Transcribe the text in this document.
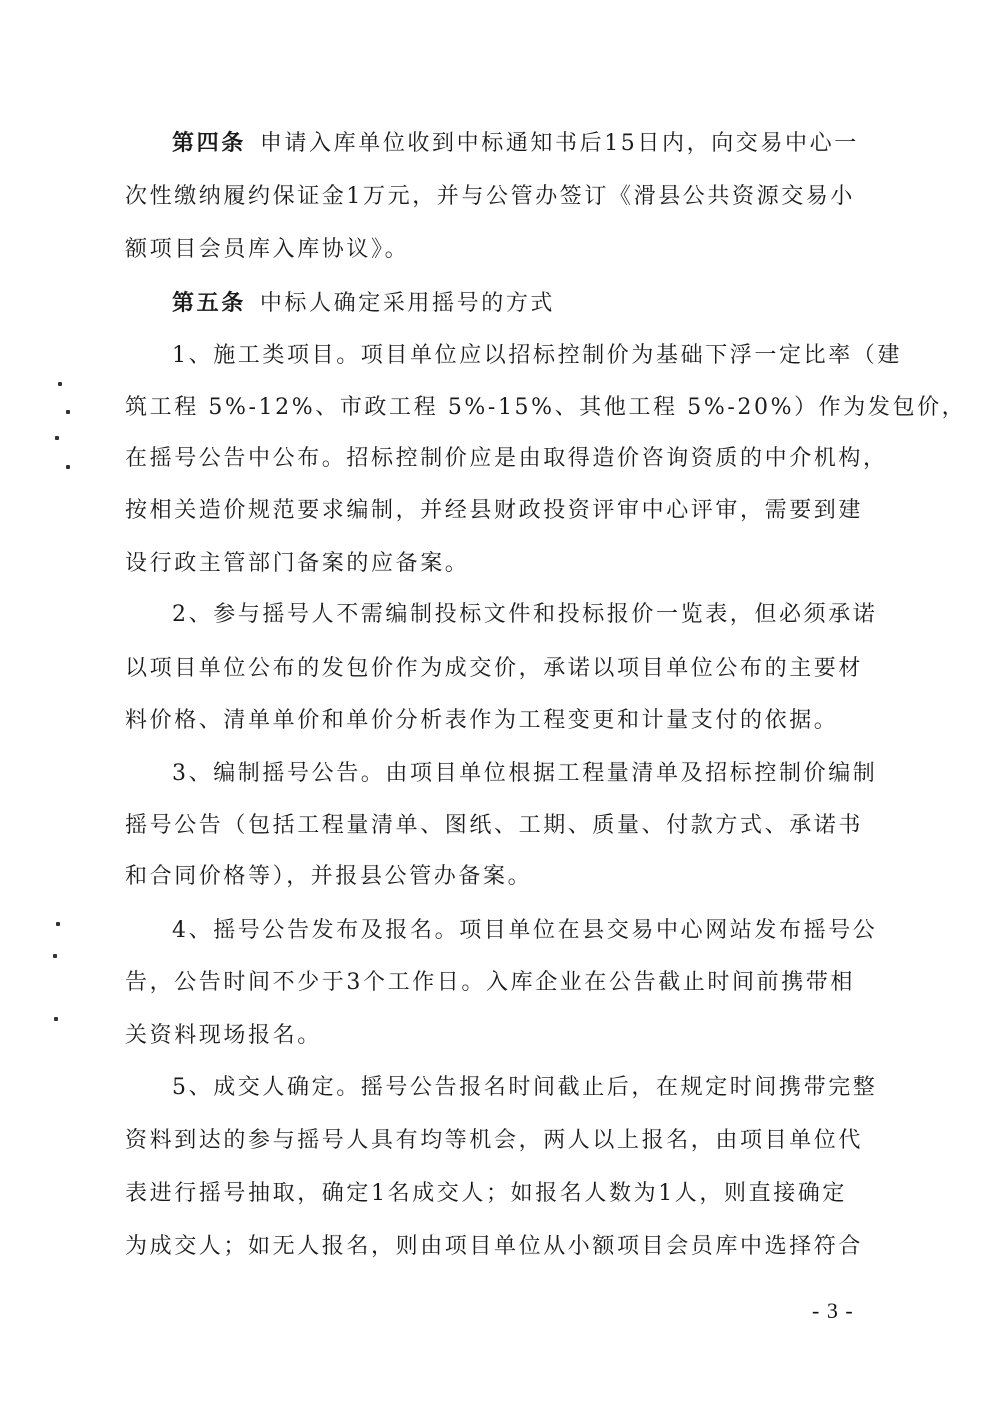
第四条 申请入库单位收到中标通知书后15日内，向交易中心一
次性缴纳履约保证金1万元，并与公管办签订《滑县公共资源交易小
额项目会员库入库协议》。
第五条 中标人确定采用摇号的方式
1、施工类项目。项目单位应以招标控制价为基础下浮一定比率（建
筑工程 5%-12%、市政工程 5%-15%、其他工程 5%-20%）作为发包价，
在摇号公告中公布。招标控制价应是由取得造价咨询资质的中介机构，
按相关造价规范要求编制，并经县财政投资评审中心评审，需要到建
设行政主管部门备案的应备案。
2、参与摇号人不需编制投标文件和投标报价一览表，但必须承诺
以项目单位公布的发包价作为成交价，承诺以项目单位公布的主要材
料价格、清单单价和单价分析表作为工程变更和计量支付的依据。
3、编制摇号公告。由项目单位根据工程量清单及招标控制价编制
摇号公告（包括工程量清单、图纸、工期、质量、付款方式、承诺书
和合同价格等），并报县公管办备案。
4、摇号公告发布及报名。项目单位在县交易中心网站发布摇号公
告，公告时间不少于3个工作日。入库企业在公告截止时间前携带相
关资料现场报名。
5、成交人确定。摇号公告报名时间截止后，在规定时间携带完整
资料到达的参与摇号人具有均等机会，两人以上报名，由项目单位代
表进行摇号抽取，确定1名成交人；如报名人数为1人，则直接确定
为成交人；如无人报名，则由项目单位从小额项目会员库中选择符合
- 3 -
